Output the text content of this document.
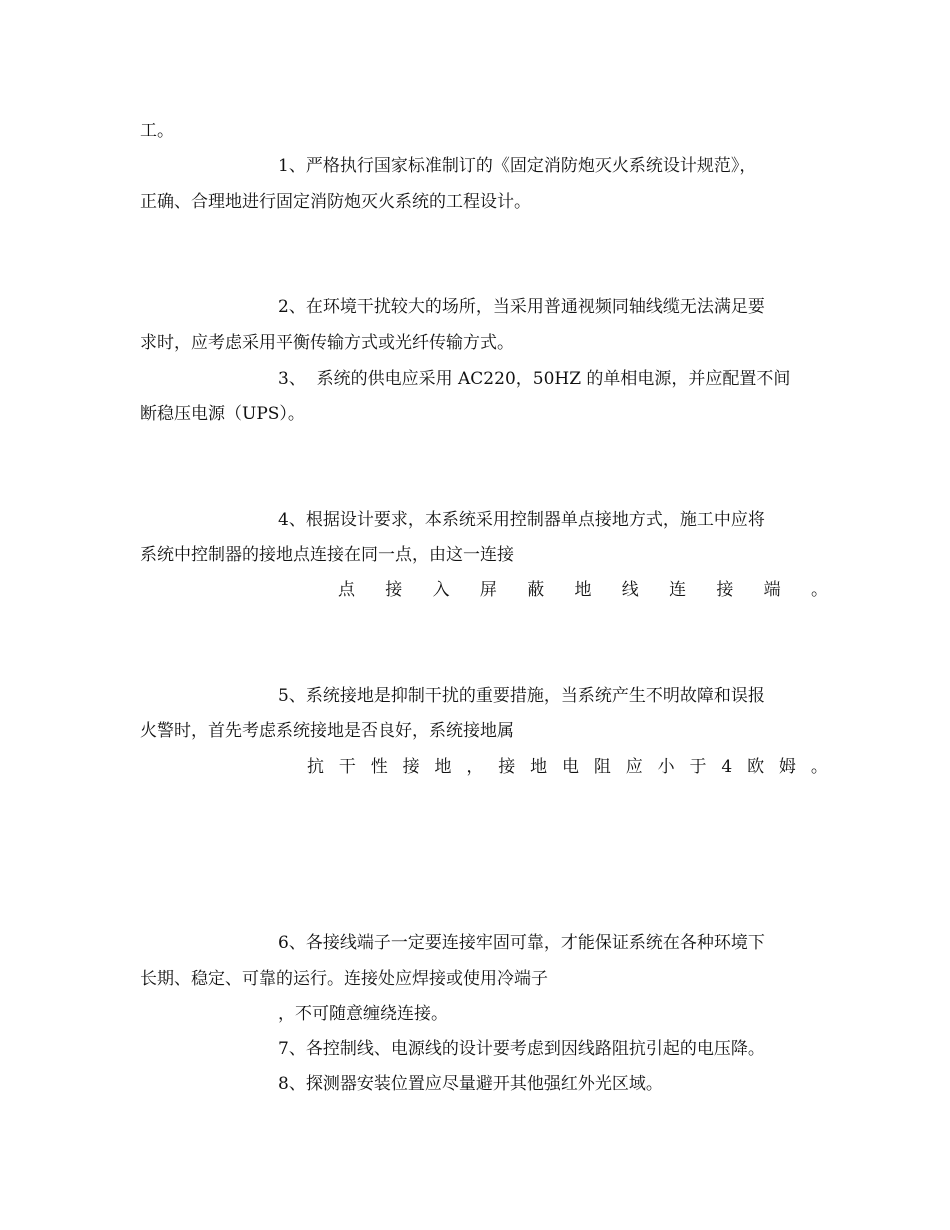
工。
1、严格执行国家标准制订的《固定消防炮灭火系统设计规范》，
正确、合理地进行固定消防炮灭火系统的工程设计。
2、在环境干扰较大的场所，当采用普通视频同轴线缆无法满足要
求时，应考虑采用平衡传输方式或光纤传输方式。
3、  系统的供电应采用 AC220，50HZ 的单相电源，并应配置不间
断稳压电源（UPS）。
4、根据设计要求，本系统采用控制器单点接地方式，施工中应将
系统中控制器的接地点连接在同一点，由这一连接
点 接 入 屏 蔽 地 线 连 接 端 。
5、系统接地是抑制干扰的重要措施，当系统产生不明故障和误报
火警时，首先考虑系统接地是否良好，系统接地属
抗 干 性 接 地 ， 接 地 电 阻 应 小 于 4 欧 姆 。
6、各接线端子一定要连接牢固可靠，才能保证系统在各种环境下
长期、稳定、可靠的运行。连接处应焊接或使用冷端子
，不可随意缠绕连接。
7、各控制线、电源线的设计要考虑到因线路阻抗引起的电压降。
8、探测器安装位置应尽量避开其他强红外光区域。
